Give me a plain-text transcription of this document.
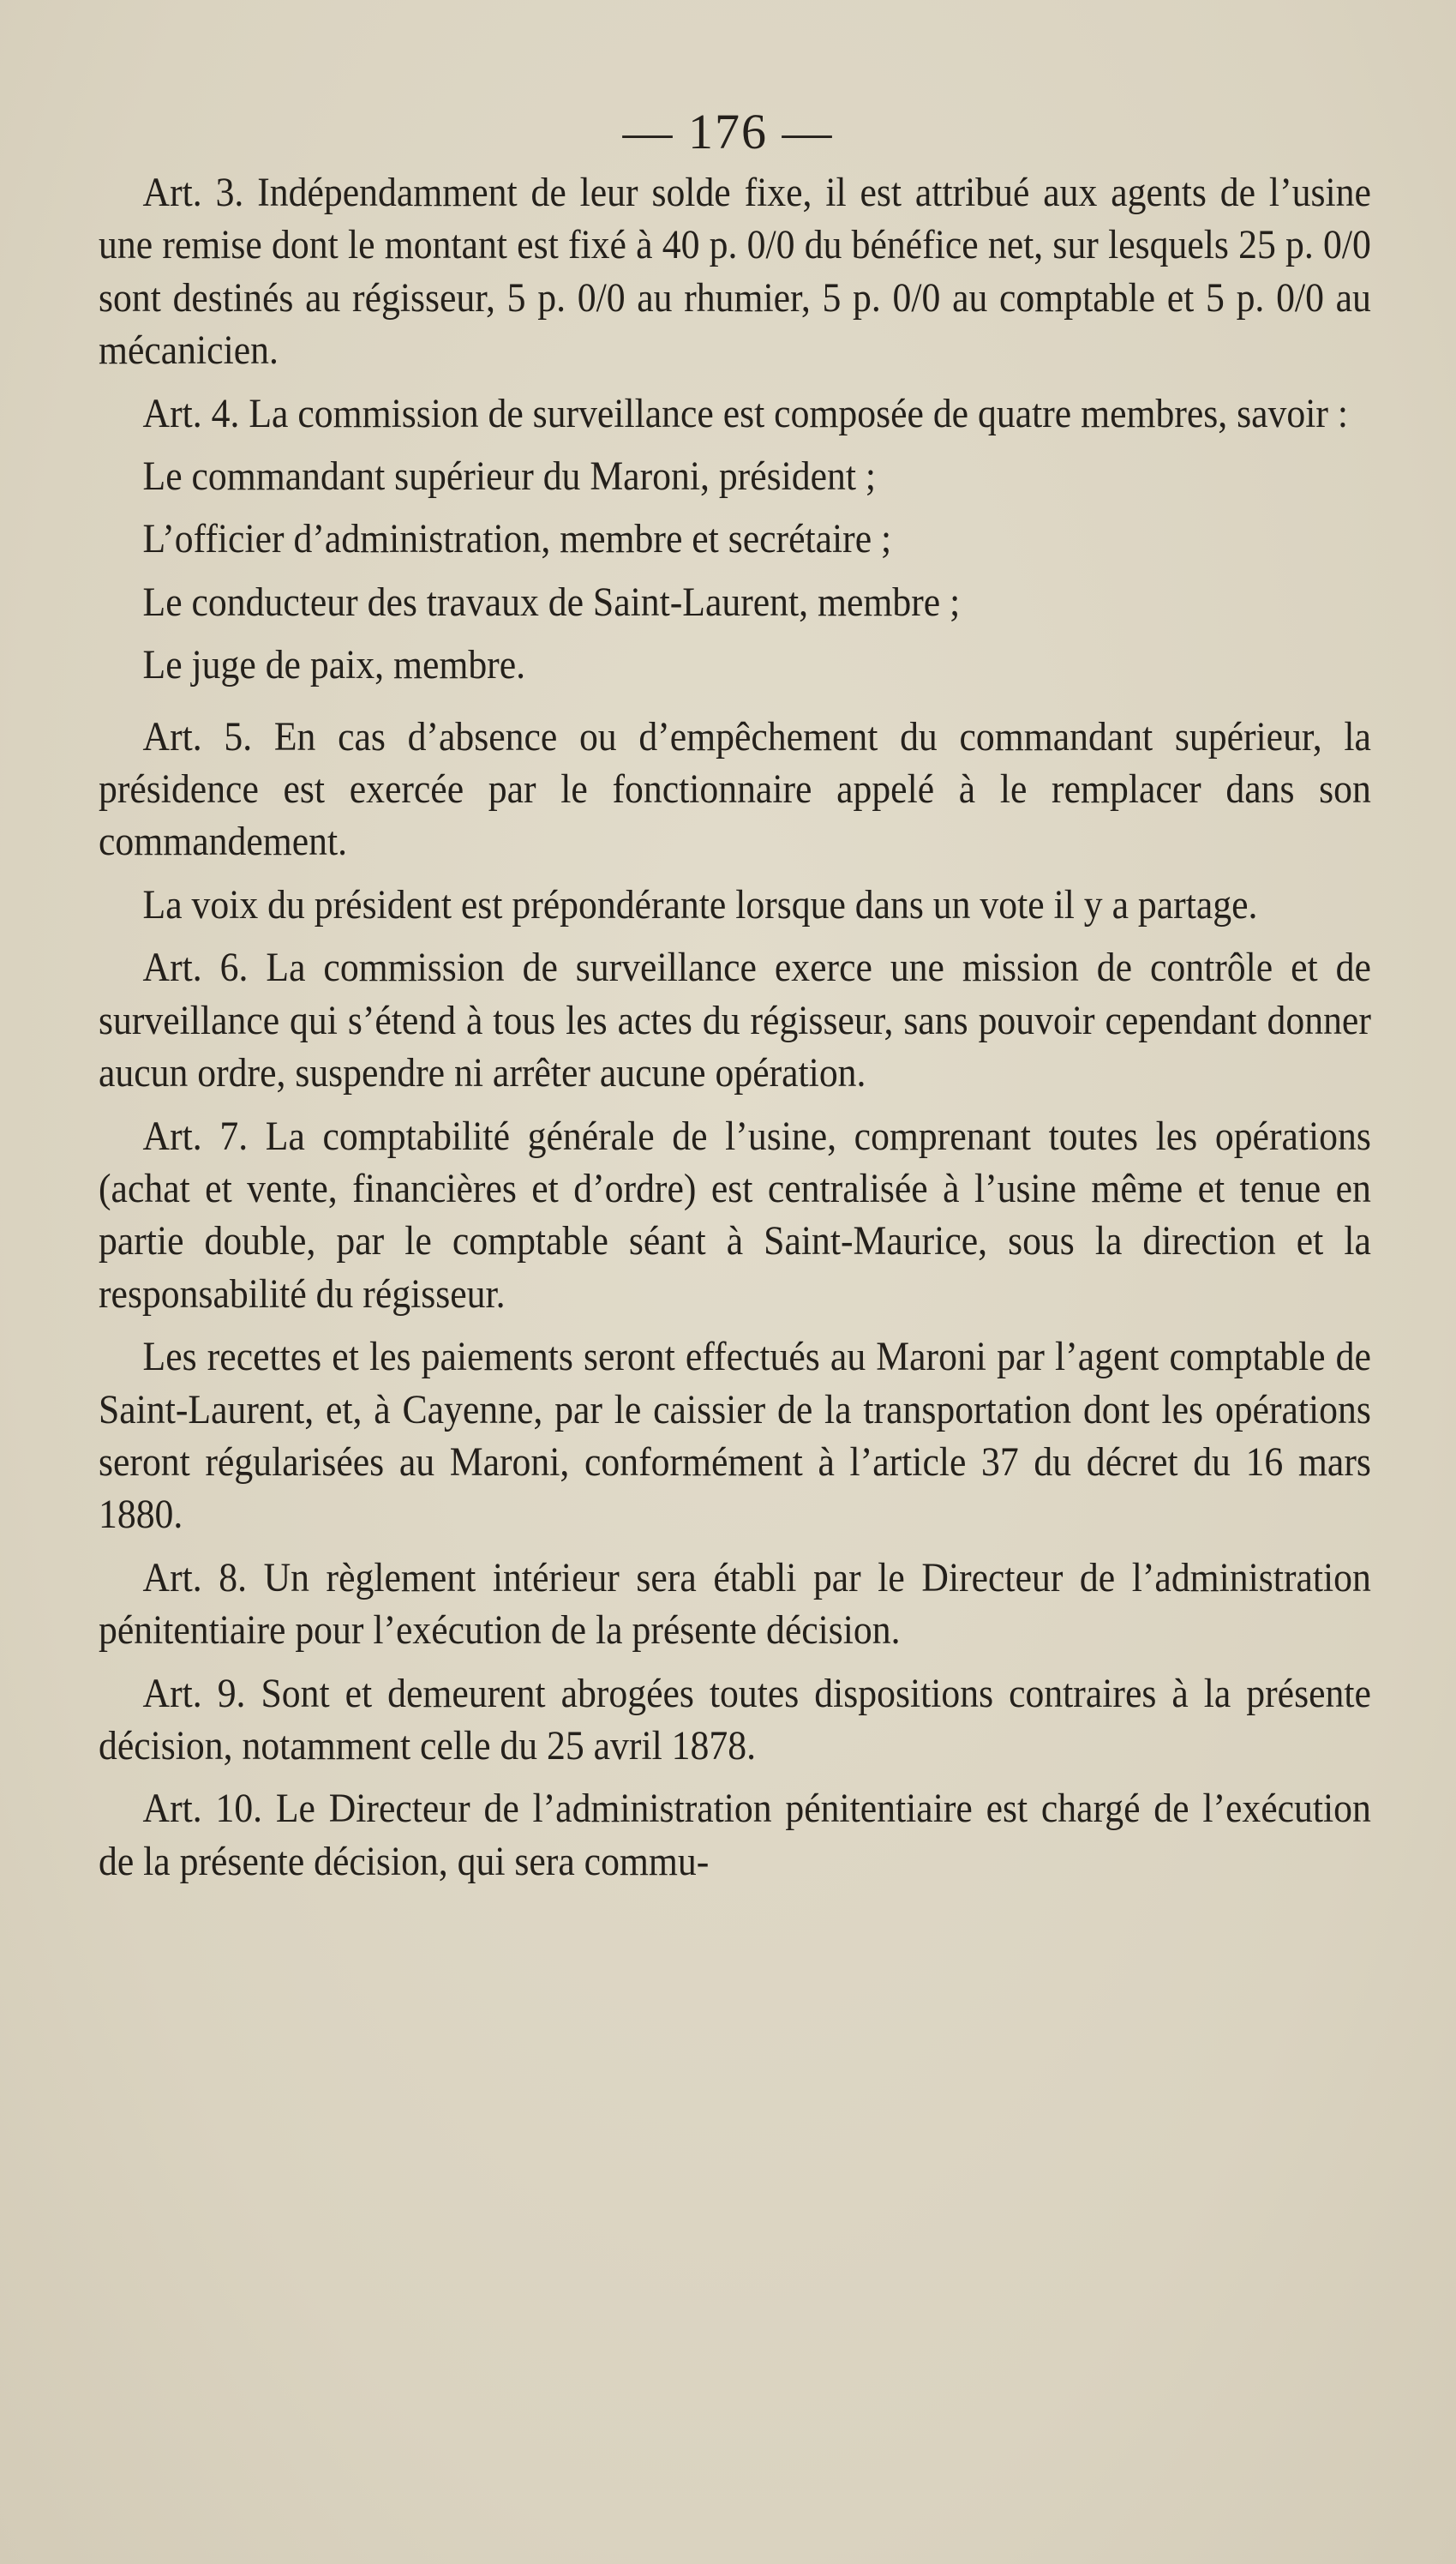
— 176 —

Art. 3. Indépendamment de leur solde fixe, il est attribué aux agents de l’usine une remise dont le montant est fixé à 40 p. 0/0 du bénéfice net, sur lesquels 25 p. 0/0 sont destinés au régisseur, 5 p. 0/0 au rhumier, 5 p. 0/0 au comptable et 5 p. 0/0 au mécanicien.

Art. 4. La commission de surveillance est composée de quatre membres, savoir :

Le commandant supérieur du Maroni, président ;

L’officier d’administration, membre et secrétaire ;

Le conducteur des travaux de Saint-Laurent, membre ;

Le juge de paix, membre.

Art. 5. En cas d’absence ou d’empêchement du commandant supérieur, la présidence est exercée par le fonctionnaire appelé à le remplacer dans son commandement.

La voix du président est prépondérante lorsque dans un vote il y a partage.

Art. 6. La commission de surveillance exerce une mission de contrôle et de surveillance qui s’étend à tous les actes du régisseur, sans pouvoir cependant donner aucun ordre, suspendre ni arrêter aucune opération.

Art. 7. La comptabilité générale de l’usine, comprenant toutes les opérations (achat et vente, financières et d’ordre) est centralisée à l’usine même et tenue en partie double, par le comptable séant à Saint-Maurice, sous la direction et la responsabilité du régisseur.

Les recettes et les paiements seront effectués au Maroni par l’agent comptable de Saint-Laurent, et, à Cayenne, par le caissier de la transportation dont les opérations seront régularisées au Maroni, conformément à l’article 37 du décret du 16 mars 1880.

Art. 8. Un règlement intérieur sera établi par le Directeur de l’administration pénitentiaire pour l’exécution de la présente décision.

Art. 9. Sont et demeurent abrogées toutes dispositions contraires à la présente décision, notamment celle du 25 avril 1878.

Art. 10. Le Directeur de l’administration pénitentiaire est chargé de l’exécution de la présente décision, qui sera commu-
